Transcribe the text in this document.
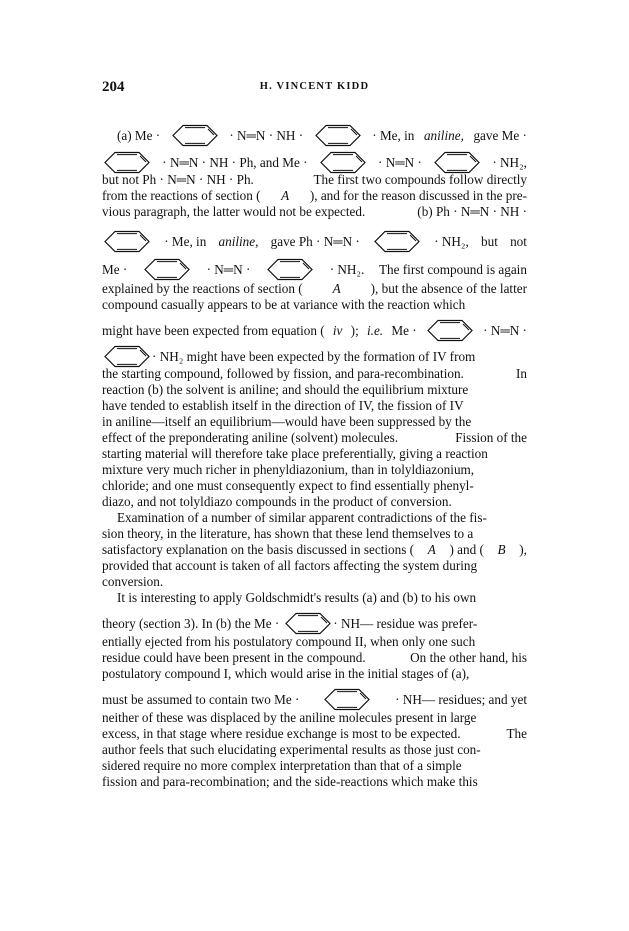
204	H. VINCENT KIDD
(a) Me ·	· N═N · NH ·	· Me, in aniline, gave Me ·
· N═N · NH · Ph, and Me ·	· N═N ·	· NH₂,
but not Ph · N═N · NH · Ph.	The first two compounds follow directly
from the reactions of section ( A ), and for the reason discussed in the pre-
vious paragraph, the latter would not be expected.	(b) Ph · N═N · NH ·
· Me, in aniline, gave Ph · N═N ·	· NH₂, but not
Me ·	· N═N ·	· NH₂. The first compound is again
explained by the reactions of section ( A ), but the absence of the latter
compound casually appears to be at variance with the reaction which
might have been expected from equation ( iv ); i.e. Me ·	· N═N ·
· NH₂ might have been expected by the formation of IV from
the starting compound, followed by fission, and para-recombination.	In
reaction (b) the solvent is aniline; and should the equilibrium mixture
have tended to establish itself in the direction of IV, the fission of IV
in aniline—itself an equilibrium—would have been suppressed by the
effect of the preponderating aniline (solvent) molecules.	Fission of the
starting material will therefore take place preferentially, giving a reaction
mixture very much richer in phenyldiazonium, than in tolyldiazonium,
chloride; and one must consequently expect to find essentially phenyl-
diazo, and not tolyldiazo compounds in the product of conversion.
Examination of a number of similar apparent contradictions of the fis-
sion theory, in the literature, has shown that these lend themselves to a
satisfactory explanation on the basis discussed in sections ( A ) and ( B ),
provided that account is taken of all factors affecting the system during
conversion.
It is interesting to apply Goldschmidt's results (a) and (b) to his own
theory (section 3). In (b) the Me ·	· NH— residue was prefer-
entially ejected from his postulatory compound II, when only one such
residue could have been present in the compound.	On the other hand, his
postulatory compound I, which would arise in the initial stages of (a),
must be assumed to contain two Me ·	· NH— residues; and yet
neither of these was displaced by the aniline molecules present in large
excess, in that stage where residue exchange is most to be expected.	The
author feels that such elucidating experimental results as those just con-
sidered require no more complex interpretation than that of a simple
fission and para-recombination; and the side-reactions which make this
